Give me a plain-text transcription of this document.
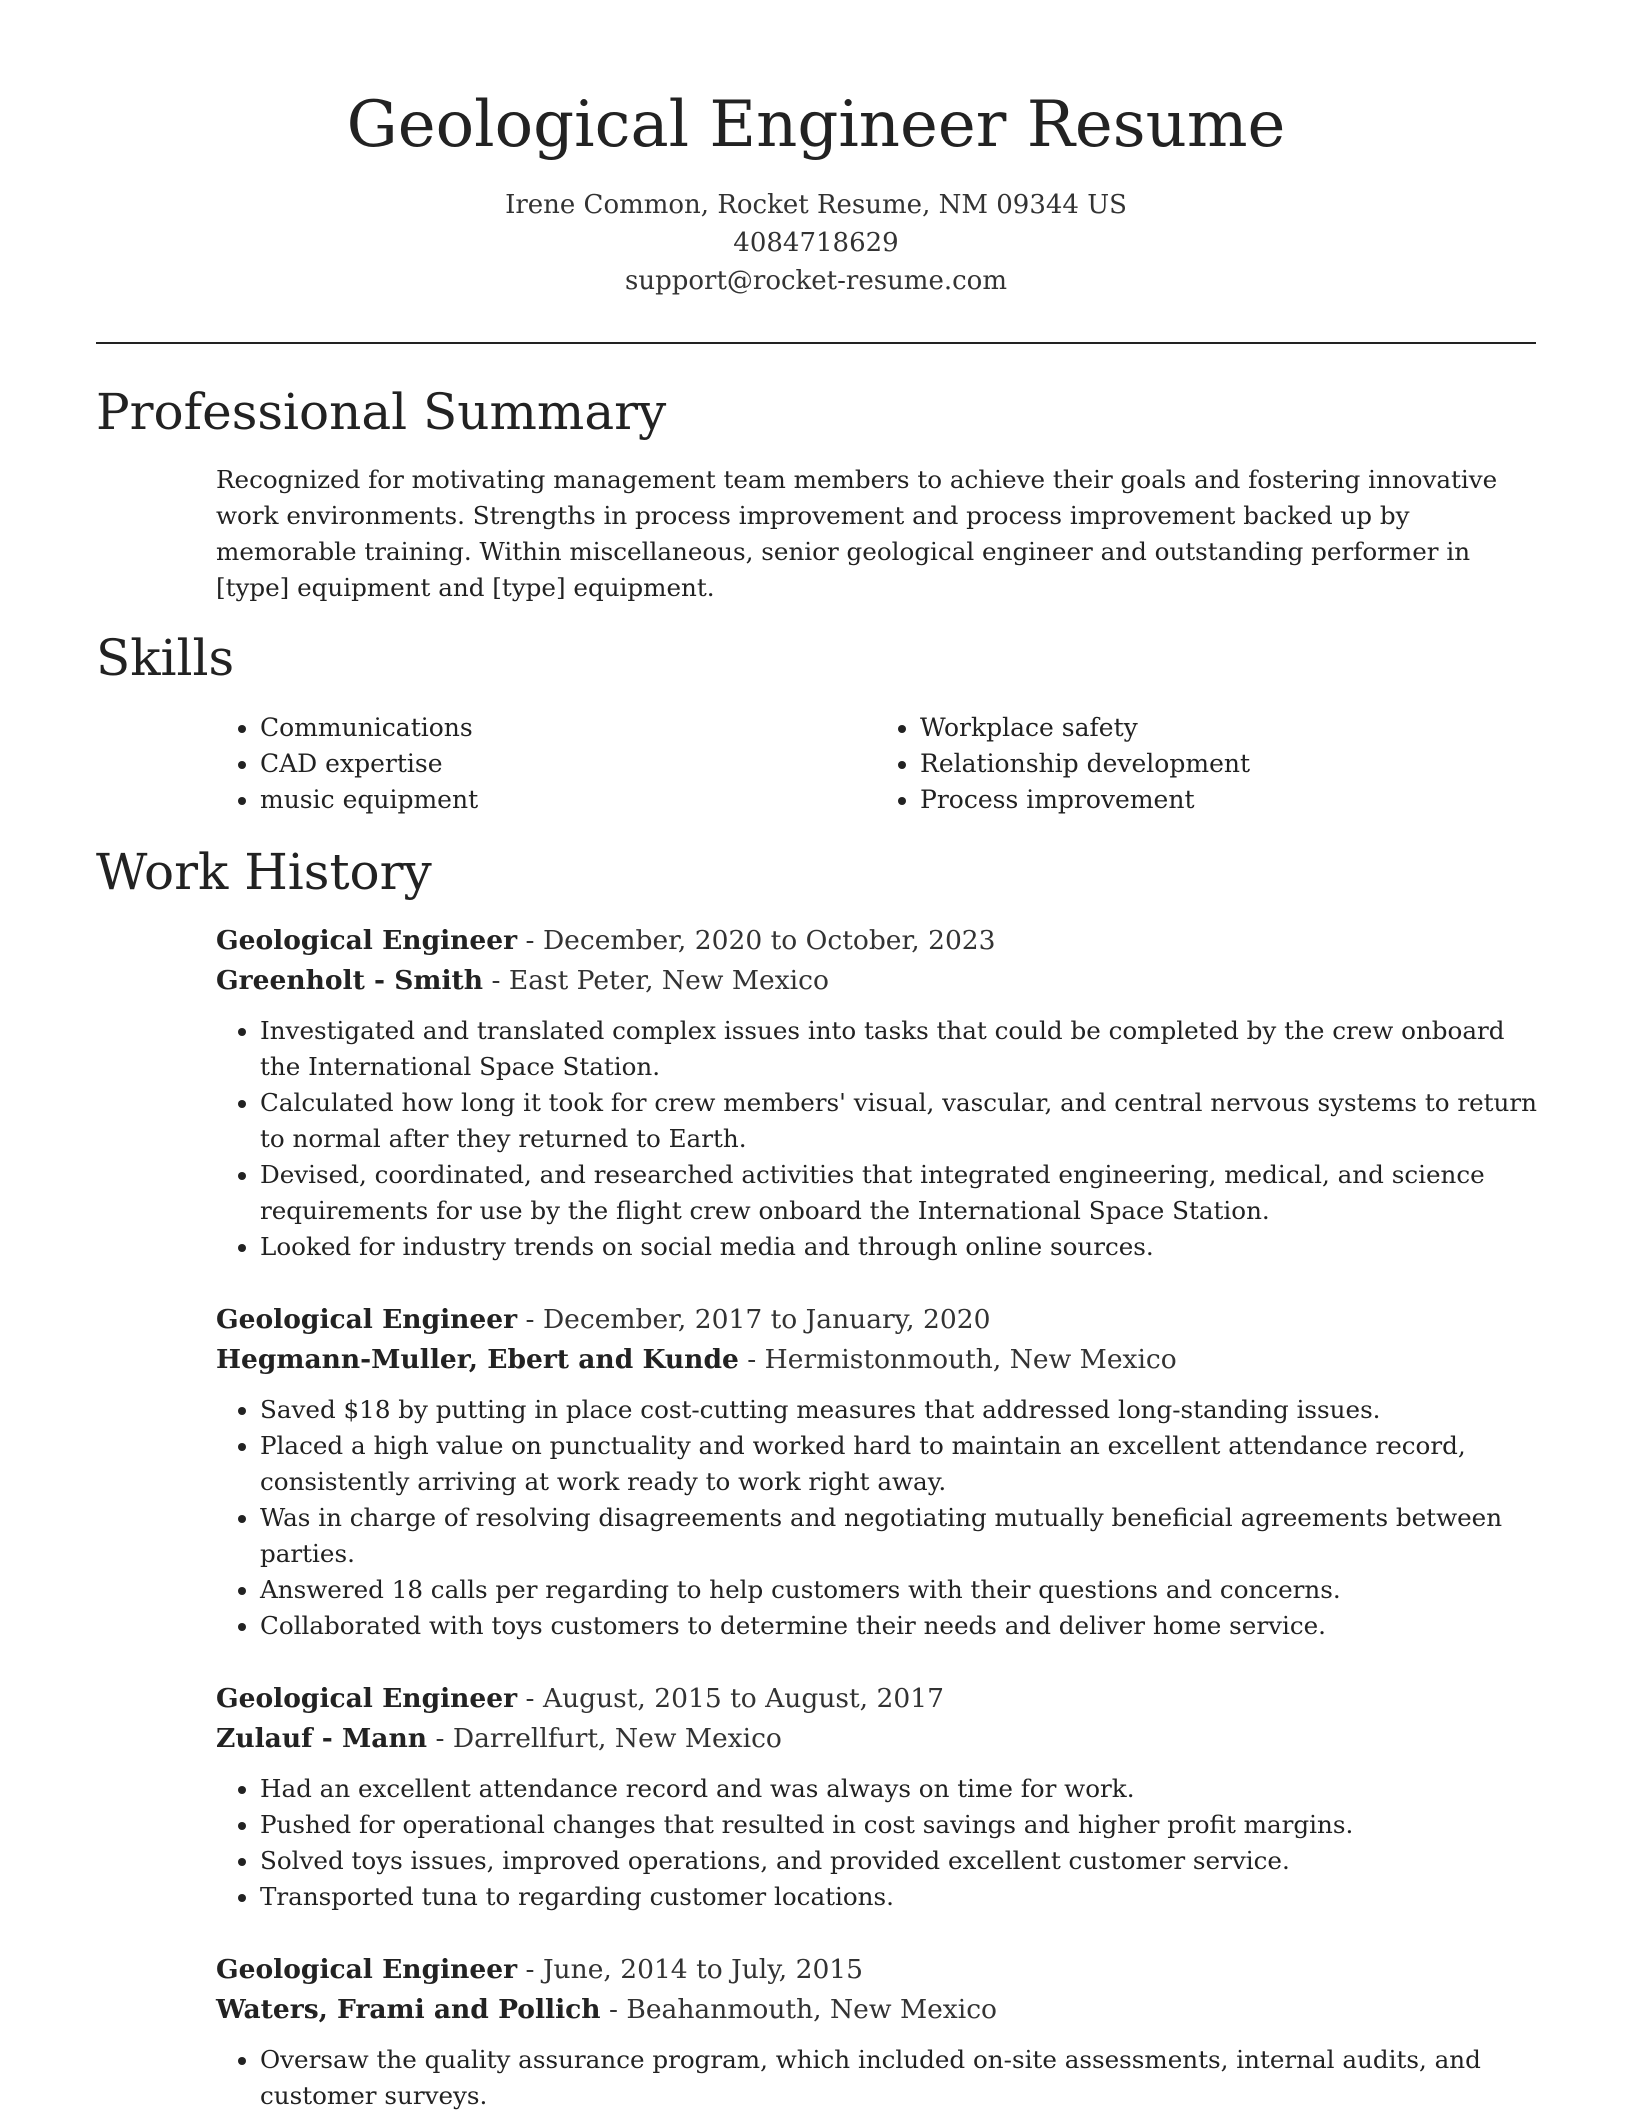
Geological Engineer Resume
Irene Common, Rocket Resume, NM 09344 US
4084718629
support@rocket-resume.com
Professional Summary

Recognized for motivating management team members to achieve their goals and fostering innovative work environments. Strengths in process improvement and process improvement backed up by memorable training. Within miscellaneous, senior geological engineer and outstanding performer in [type] equipment and [type] equipment.

Skills
• Communications
• CAD expertise
• music equipment
• Workplace safety
• Relationship development
• Process improvement
Work History

Geological Engineer - December, 2020 to October, 2023

Greenholt - Smith - East Peter, New Mexico

• Investigated and translated complex issues into tasks that could be completed by the crew onboard the International Space Station.
• Calculated how long it took for crew members' visual, vascular, and central nervous systems to return to normal after they returned to Earth.
• Devised, coordinated, and researched activities that integrated engineering, medical, and science requirements for use by the flight crew onboard the International Space Station.
• Looked for industry trends on social media and through online sources.

Geological Engineer - December, 2017 to January, 2020

Hegmann-Muller, Ebert and Kunde - Hermistonmouth, New Mexico

• Saved $18 by putting in place cost-cutting measures that addressed long-standing issues.
• Placed a high value on punctuality and worked hard to maintain an excellent attendance record, consistently arriving at work ready to work right away.
• Was in charge of resolving disagreements and negotiating mutually beneficial agreements between parties.
• Answered 18 calls per regarding to help customers with their questions and concerns.
• Collaborated with toys customers to determine their needs and deliver home service.

Geological Engineer - August, 2015 to August, 2017

Zulauf - Mann - Darrellfurt, New Mexico

• Had an excellent attendance record and was always on time for work.
• Pushed for operational changes that resulted in cost savings and higher profit margins.
• Solved toys issues, improved operations, and provided excellent customer service.
• Transported tuna to regarding customer locations.

Geological Engineer - June, 2014 to July, 2015

Waters, Frami and Pollich - Beahanmouth, New Mexico

• Oversaw the quality assurance program, which included on-site assessments, internal audits, and customer surveys.
